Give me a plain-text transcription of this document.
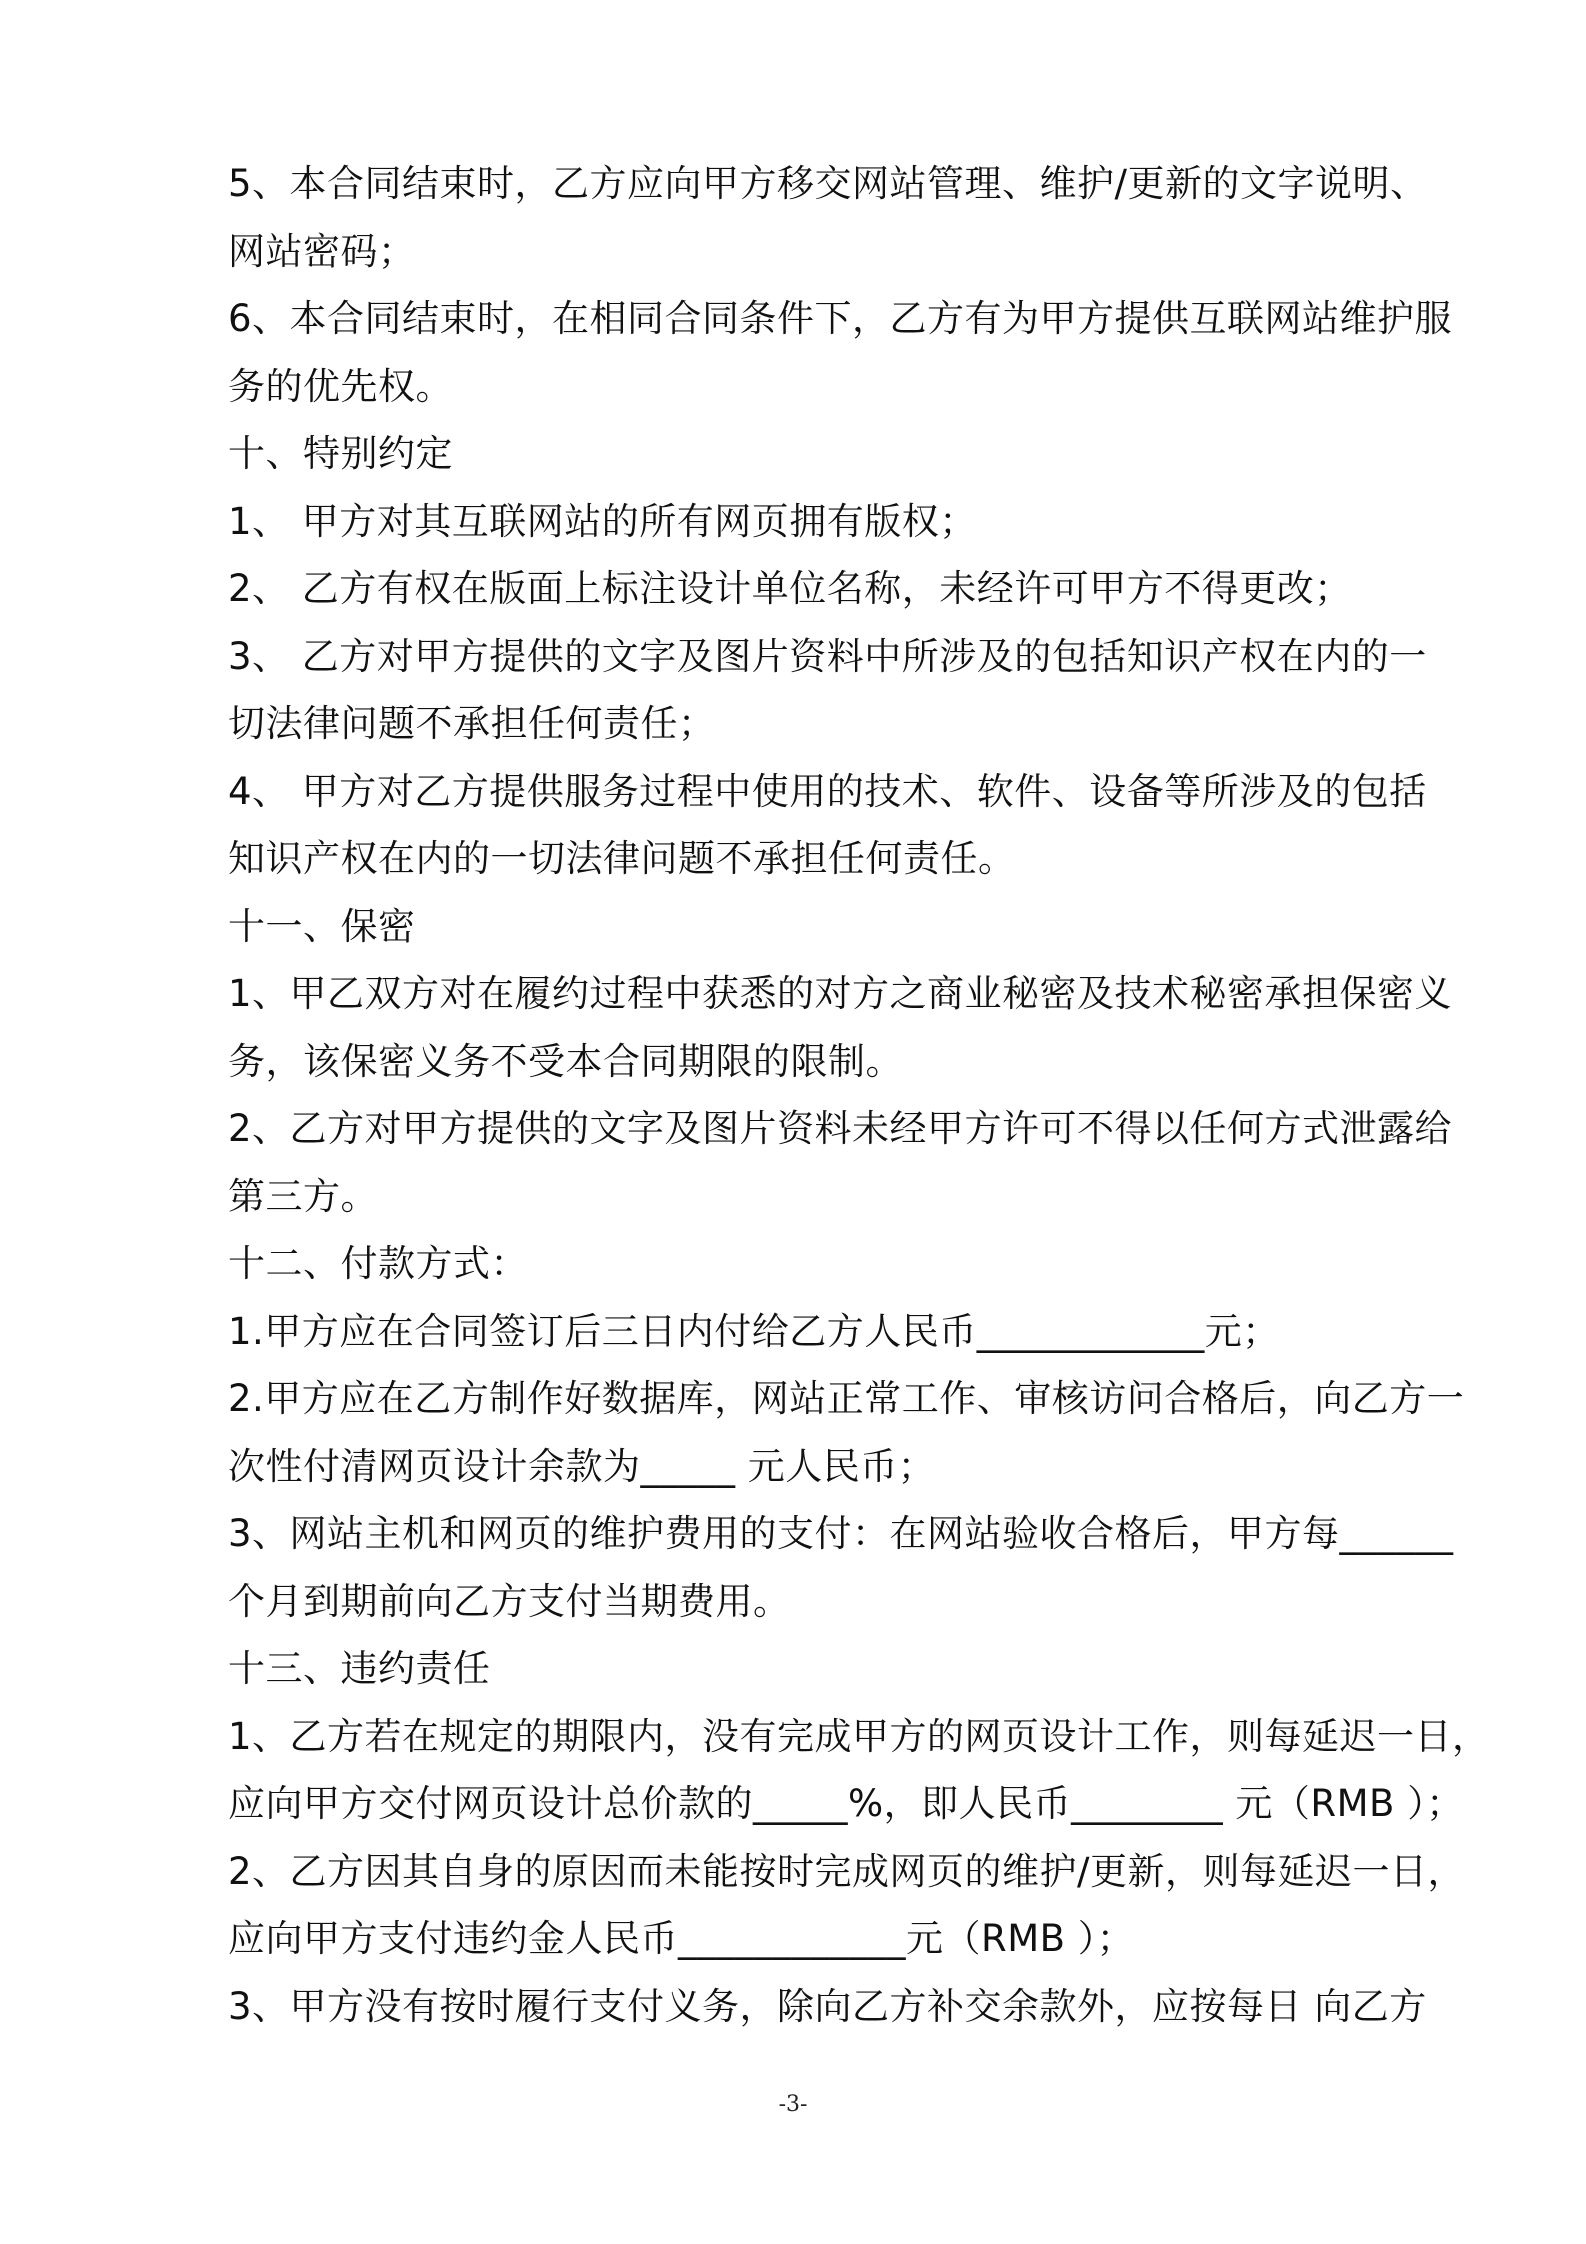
5、本合同结束时，乙方应向甲方移交网站管理、维护/更新的文字说明、
网站密码；
6、本合同结束时，在相同合同条件下，乙方有为甲方提供互联网站维护服
务的优先权。
十、特别约定
1、 甲方对其互联网站的所有网页拥有版权；
2、 乙方有权在版面上标注设计单位名称，未经许可甲方不得更改；
3、 乙方对甲方提供的文字及图片资料中所涉及的包括知识产权在内的一
切法律问题不承担任何责任；
4、 甲方对乙方提供服务过程中使用的技术、软件、设备等所涉及的包括
知识产权在内的一切法律问题不承担任何责任。
十一、保密
1、甲乙双方对在履约过程中获悉的对方之商业秘密及技术秘密承担保密义
务，该保密义务不受本合同期限的限制。
2、乙方对甲方提供的文字及图片资料未经甲方许可不得以任何方式泄露给
第三方。
十二、付款方式：
1.甲方应在合同签订后三日内付给乙方人民币____________元；
2.甲方应在乙方制作好数据库，网站正常工作、审核访问合格后，向乙方一
次性付清网页设计余款为_____ 元人民币；
3、网站主机和网页的维护费用的支付：在网站验收合格后，甲方每______
个月到期前向乙方支付当期费用。
十三、违约责任
1、乙方若在规定的期限内，没有完成甲方的网页设计工作，则每延迟一日，
应向甲方交付网页设计总价款的_____%，即人民币________ 元（RMB ）；
2、乙方因其自身的原因而未能按时完成网页的维护/更新，则每延迟一日，
应向甲方支付违约金人民币____________元（RMB ）；
3、甲方没有按时履行支付义务，除向乙方补交余款外，应按每日 向乙方
-3-
